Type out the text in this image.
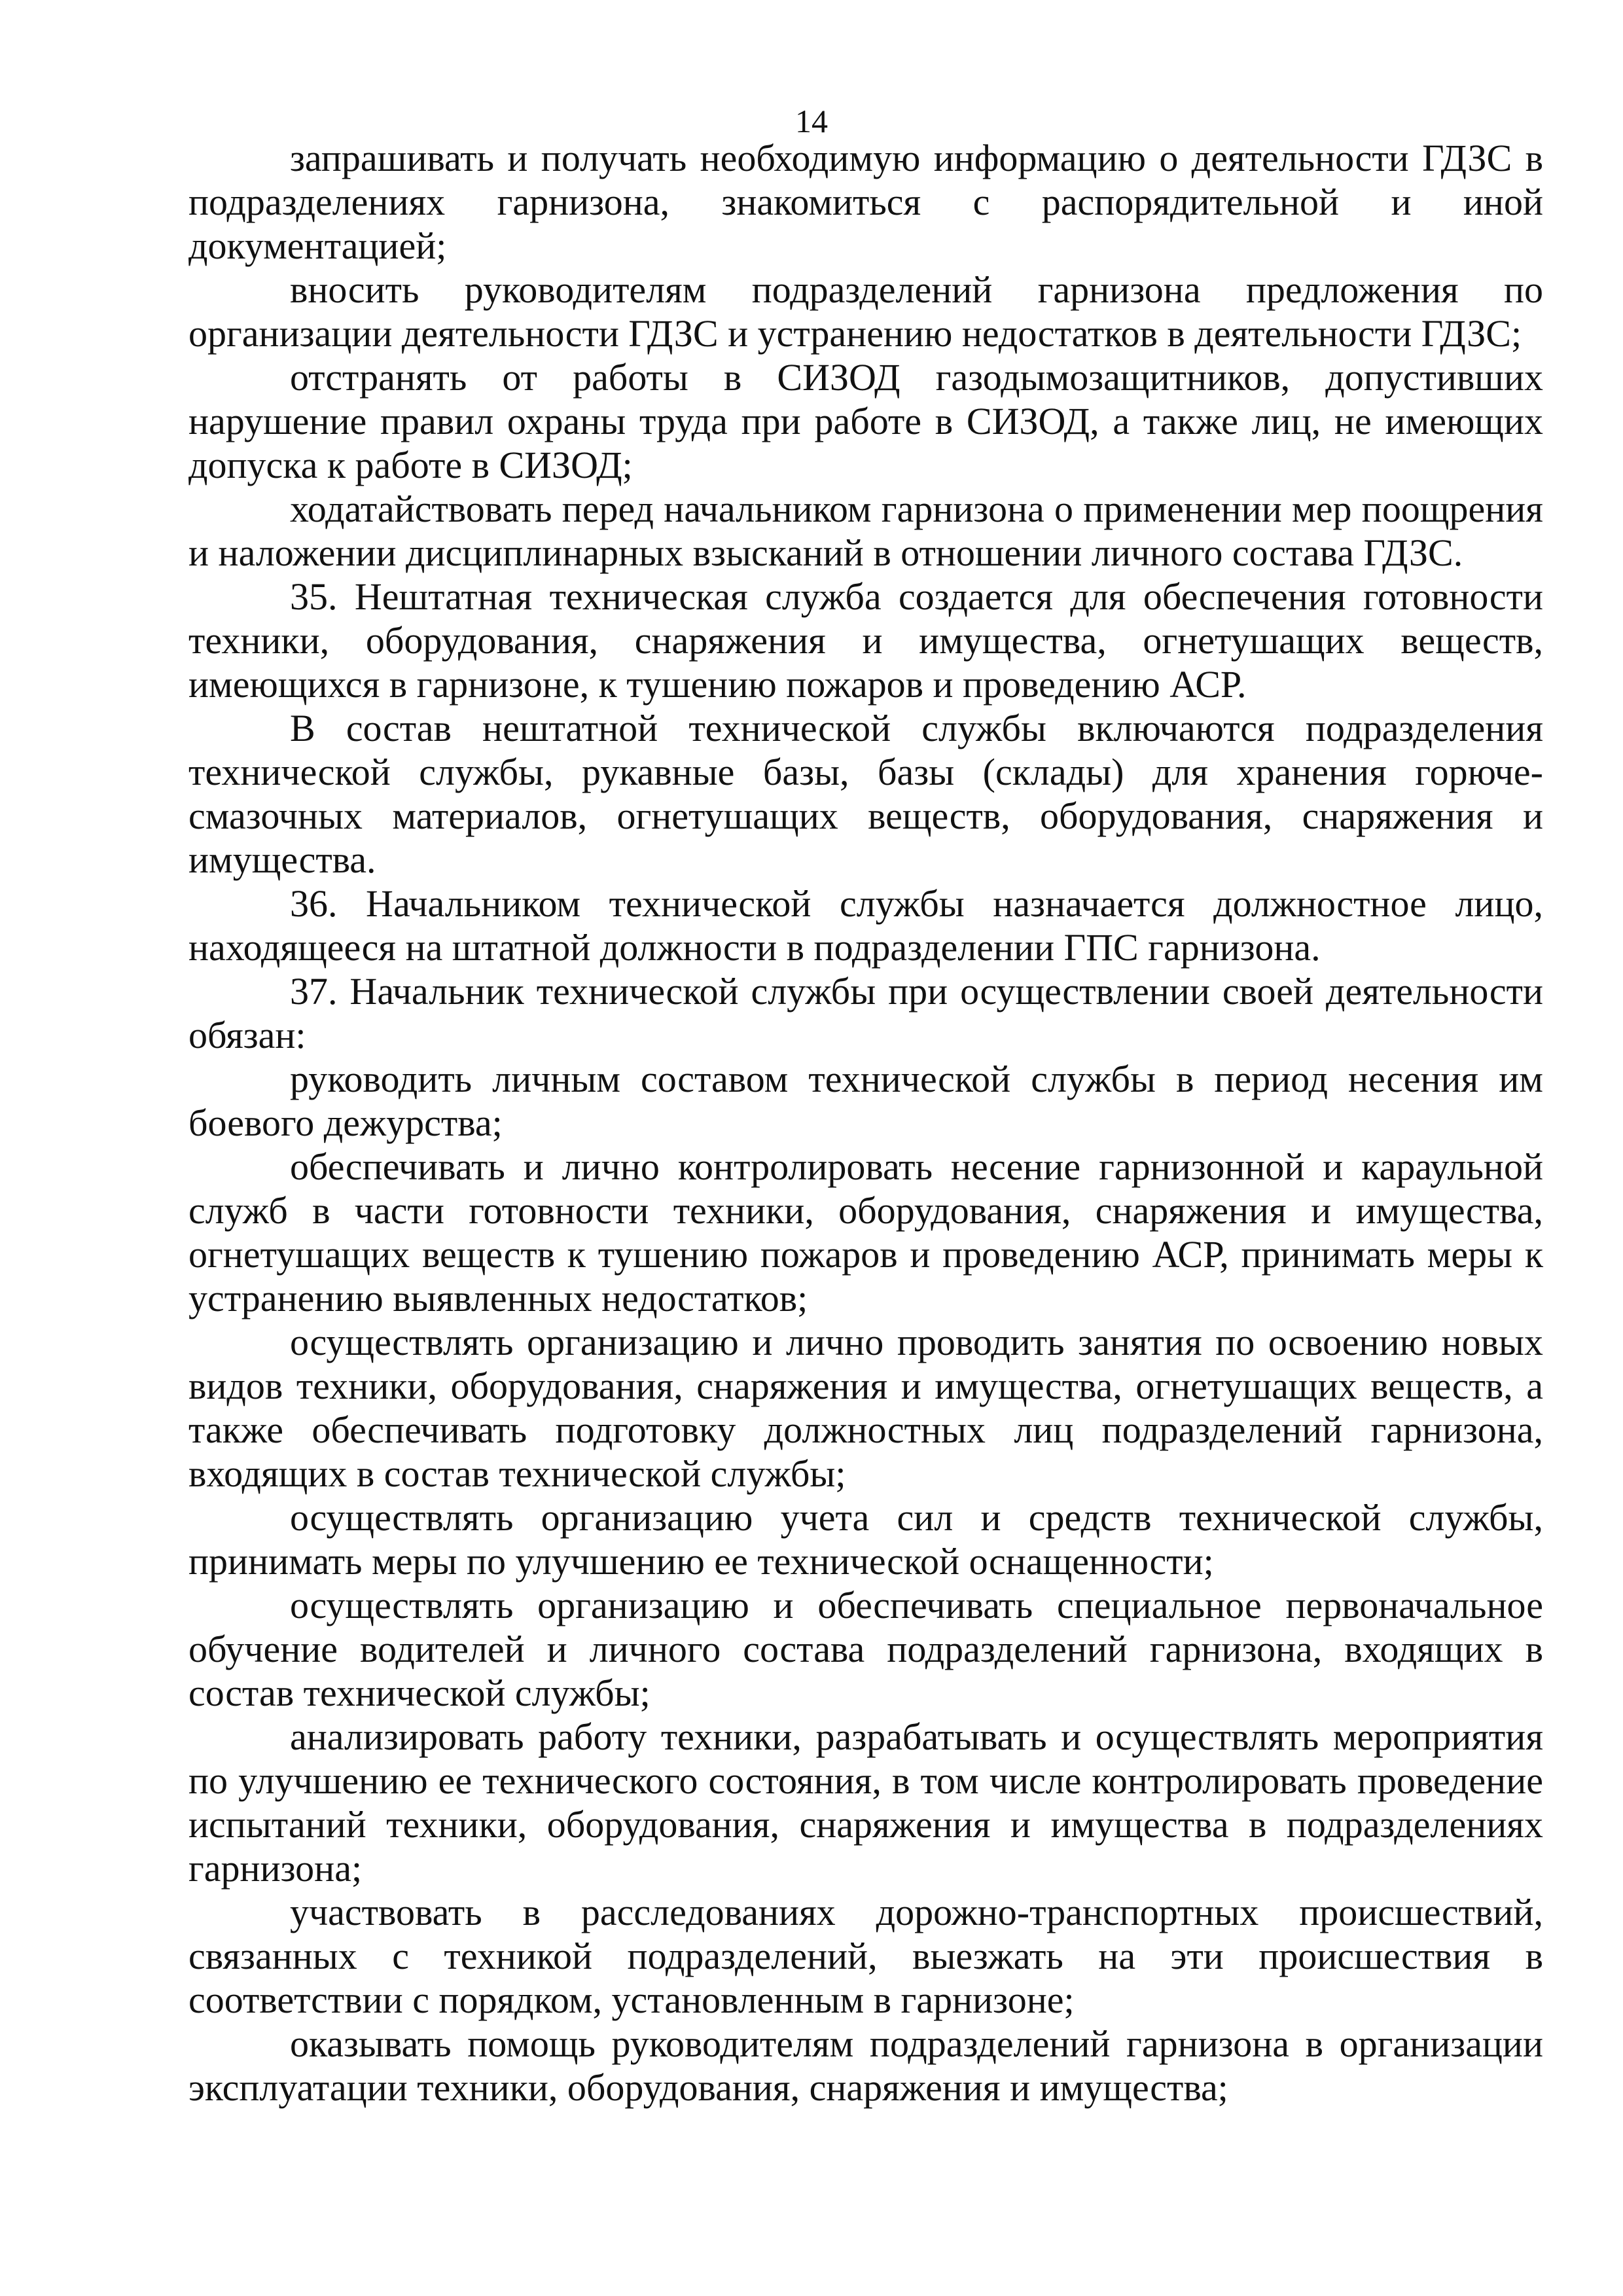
14

запрашивать и получать необходимую информацию о деятельности ГДЗС в подразделениях гарнизона, знакомиться с распорядительной и иной документацией;

вносить руководителям подразделений гарнизона предложения по организации деятельности ГДЗС и устранению недостатков в деятельности ГДЗС;

отстранять от работы в СИЗОД газодымозащитников, допустивших нарушение правил охраны труда при работе в СИЗОД, а также лиц, не имеющих допуска к работе в СИЗОД;

ходатайствовать перед начальником гарнизона о применении мер поощрения и наложении дисциплинарных взысканий в отношении личного состава ГДЗС.

35. Нештатная техническая служба создается для обеспечения готовности техники, оборудования, снаряжения и имущества, огнетушащих веществ, имеющихся в гарнизоне, к тушению пожаров и проведению АСР.

В состав нештатной технической службы включаются подразделения технической службы, рукавные базы, базы (склады) для хранения горюче-смазочных материалов, огнетушащих веществ, оборудования, снаряжения и имущества.

36. Начальником технической службы назначается должностное лицо, находящееся на штатной должности в подразделении ГПС гарнизона.

37. Начальник технической службы при осуществлении своей деятельности обязан:

руководить личным составом технической службы в период несения им боевого дежурства;

обеспечивать и лично контролировать несение гарнизонной и караульной служб в части готовности техники, оборудования, снаряжения и имущества, огнетушащих веществ к тушению пожаров и проведению АСР, принимать меры к устранению выявленных недостатков;

осуществлять организацию и лично проводить занятия по освоению новых видов техники, оборудования, снаряжения и имущества, огнетушащих веществ, а также обеспечивать подготовку должностных лиц подразделений гарнизона, входящих в состав технической службы;

осуществлять организацию учета сил и средств технической службы, принимать меры по улучшению ее технической оснащенности;

осуществлять организацию и обеспечивать специальное первоначальное обучение водителей и личного состава подразделений гарнизона, входящих в состав технической службы;

анализировать работу техники, разрабатывать и осуществлять мероприятия по улучшению ее технического состояния, в том числе контролировать проведение испытаний техники, оборудования, снаряжения и имущества в подразделениях гарнизона;

участвовать в расследованиях дорожно-транспортных происшествий, связанных с техникой подразделений, выезжать на эти происшествия в соответствии с порядком, установленным в гарнизоне;

оказывать помощь руководителям подразделений гарнизона в организации эксплуатации техники, оборудования, снаряжения и имущества;
